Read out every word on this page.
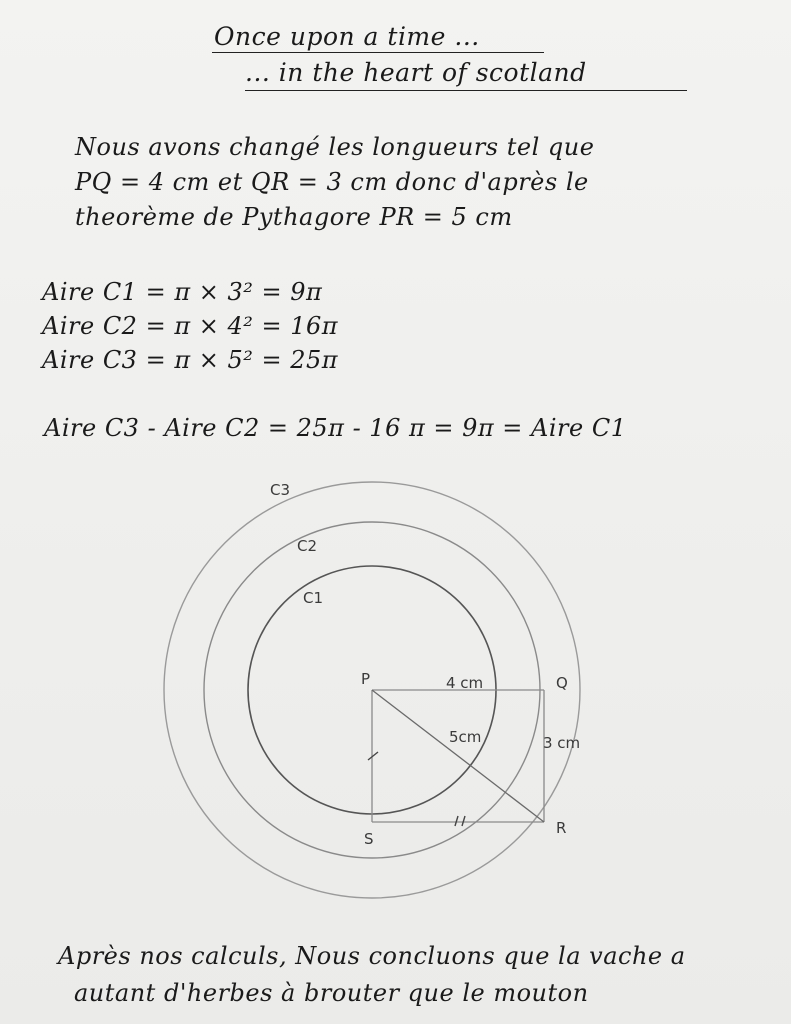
Once upon a time ...
... in the heart of scotland
Nous avons changé les longueurs tel que
PQ = 4 cm et QR = 3 cm donc d'après le
theorème de Pythagore PR = 5 cm
Aire C1 = π × 3² = 9π
Aire C2 = π × 4² = 16π
Aire C3 = π × 5² = 25π
Aire C3 - Aire C2 = 25π - 16 π = 9π = Aire C1
C3
C2
C1
P	Q
R
S
4 cm
5cm	3 cm
Après nos calculs, Nous concluons que la vache a
autant d'herbes à brouter que le mouton
